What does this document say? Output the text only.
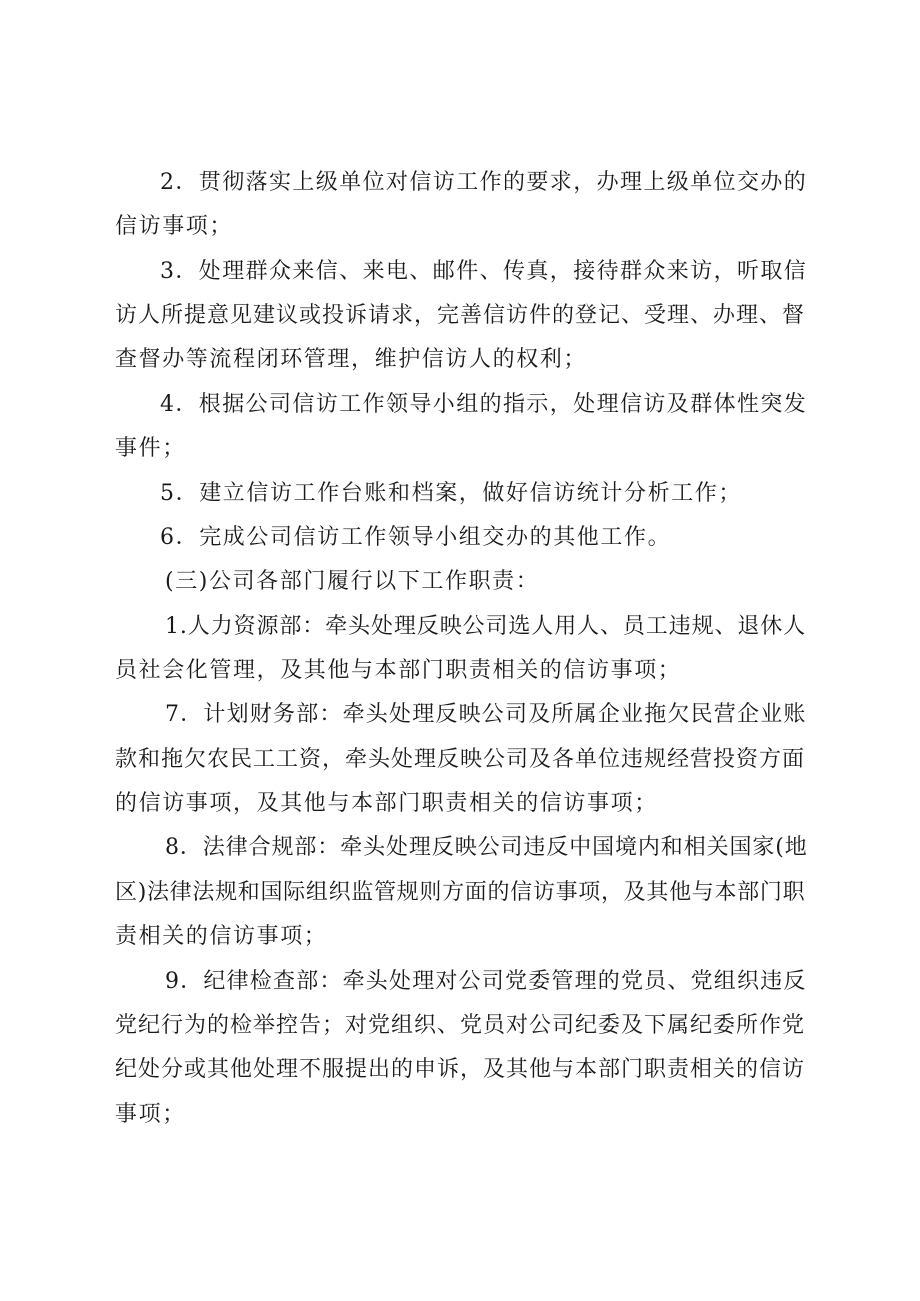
2．贯彻落实上级单位对信访工作的要求，办理上级单位交办的
信访事项；
3．处理群众来信、来电、邮件、传真，接待群众来访，听取信
访人所提意见建议或投诉请求，完善信访件的登记、受理、办理、督
查督办等流程闭环管理，维护信访人的权利；
4．根据公司信访工作领导小组的指示，处理信访及群体性突发
事件；
5．建立信访工作台账和档案，做好信访统计分析工作；
6．完成公司信访工作领导小组交办的其他工作。
(三)公司各部门履行以下工作职责：
1.人力资源部：牵头处理反映公司选人用人、员工违规、退休人
员社会化管理，及其他与本部门职责相关的信访事项；
7．计划财务部：牵头处理反映公司及所属企业拖欠民营企业账
款和拖欠农民工工资，牵头处理反映公司及各单位违规经营投资方面
的信访事项，及其他与本部门职责相关的信访事项；
8．法律合规部：牵头处理反映公司违反中国境内和相关国家(地
区)法律法规和国际组织监管规则方面的信访事项，及其他与本部门职
责相关的信访事项；
9．纪律检查部：牵头处理对公司党委管理的党员、党组织违反
党纪行为的检举控告；对党组织、党员对公司纪委及下属纪委所作党
纪处分或其他处理不服提出的申诉，及其他与本部门职责相关的信访
事项；
